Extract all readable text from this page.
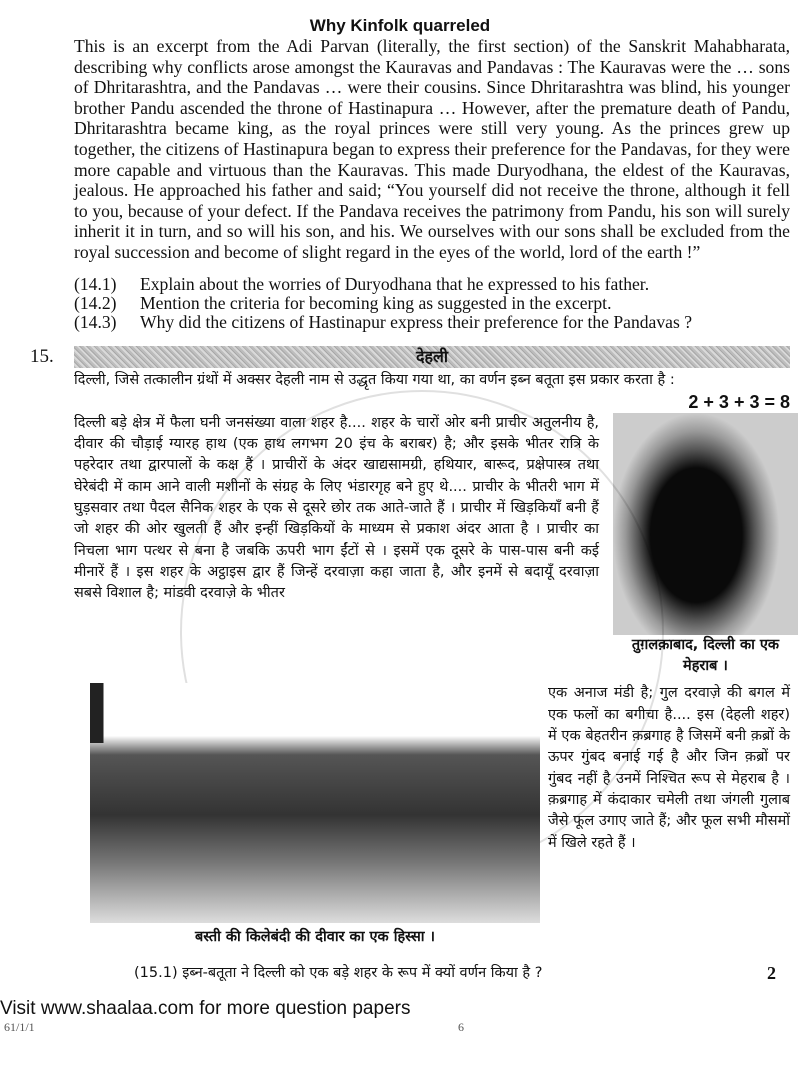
Why Kinfolk quarreled
This is an excerpt from the Adi Parvan (literally, the first section) of the Sanskrit Mahabharata, describing why conflicts arose amongst the Kauravas and Pandavas : The Kauravas were the … sons of Dhritarashtra, and the Pandavas … were their cousins. Since Dhritarashtra was blind, his younger brother Pandu ascended the throne of Hastinapura … However, after the premature death of Pandu, Dhritarashtra became king, as the royal princes were still very young. As the princes grew up together, the citizens of Hastinapura began to express their preference for the Pandavas, for they were more capable and virtuous than the Kauravas. This made Duryodhana, the eldest of the Kauravas, jealous. He approached his father and said; “You yourself did not receive the throne, although it fell to you, because of your defect. If the Pandava receives the patrimony from Pandu, his son will surely inherit it in turn, and so will his son, and his. We ourselves with our sons shall be excluded from the royal succession and become of slight regard in the eyes of the world, lord of the earth !”
(14.1)	Explain about the worries of Duryodhana that he expressed to his father.
(14.2)	Mention the criteria for becoming king as suggested in the excerpt.
(14.3)	Why did the citizens of Hastinapur express their preference for the Pandavas ?
15.	देहली
दिल्ली, जिसे तत्कालीन ग्रंथों में अक्सर देहली नाम से उद्धृत किया गया था, का वर्णन इब्न बतूता इस प्रकार करता है :
2 + 3 + 3 = 8
दिल्ली बड़े क्षेत्र में फैला घनी जनसंख्या वाला शहर है.... शहर के चारों ओर बनी प्राचीर अतुलनीय है, दीवार की चौड़ाई ग्यारह हाथ (एक हाथ लगभग 20 इंच के बराबर) है; और इसके भीतर रात्रि के पहरेदार तथा द्वारपालों के कक्ष हैं । प्राचीरों के अंदर खाद्यसामग्री, हथियार, बारूद, प्रक्षेपास्त्र तथा घेरेबंदी में काम आने वाली मशीनों के संग्रह के लिए भंडारगृह बने हुए थे.... प्राचीर के भीतरी भाग में घुड़सवार तथा पैदल सैनिक शहर के एक से दूसरे छोर तक आते-जाते हैं । प्राचीर में खिड़कियाँ बनी हैं जो शहर की ओर खुलती हैं और इन्हीं खिड़कियों के माध्यम से प्रकाश अंदर आता है । प्राचीर का निचला भाग पत्थर से बना है जबकि ऊपरी भाग ईंटों से । इसमें एक दूसरे के पास-पास बनी कई मीनारें हैं । इस शहर के अट्ठाइस द्वार हैं जिन्हें दरवाज़ा कहा जाता है, और इनमें से बदायूँ दरवाज़ा सबसे विशाल है; मांडवी दरवाज़े के भीतर
तुग़लक़ाबाद, दिल्ली का एक मेहराब ।
बस्ती की किलेबंदी की दीवार का एक हिस्सा ।
एक अनाज मंडी है; गुल दरवाज़े की बगल में एक फलों का बगीचा है.... इस (देहली शहर) में एक बेहतरीन क़ब्रगाह है जिसमें बनी क़ब्रों के ऊपर गुंबद बनाई गई है और जिन क़ब्रों पर गुंबद नहीं है उनमें निश्चित रूप से मेहराब है । क़ब्रगाह में कंदाकार चमेली तथा जंगली गुलाब जैसे फूल उगाए जाते हैं; और फूल सभी मौसमों में खिले रहते हैं ।
(15.1) इब्न-बतूता ने दिल्ली को एक बड़े शहर के रूप में क्यों वर्णन किया है ?	2
Visit www.shaalaa.com for more question papers
61/1/1	6
